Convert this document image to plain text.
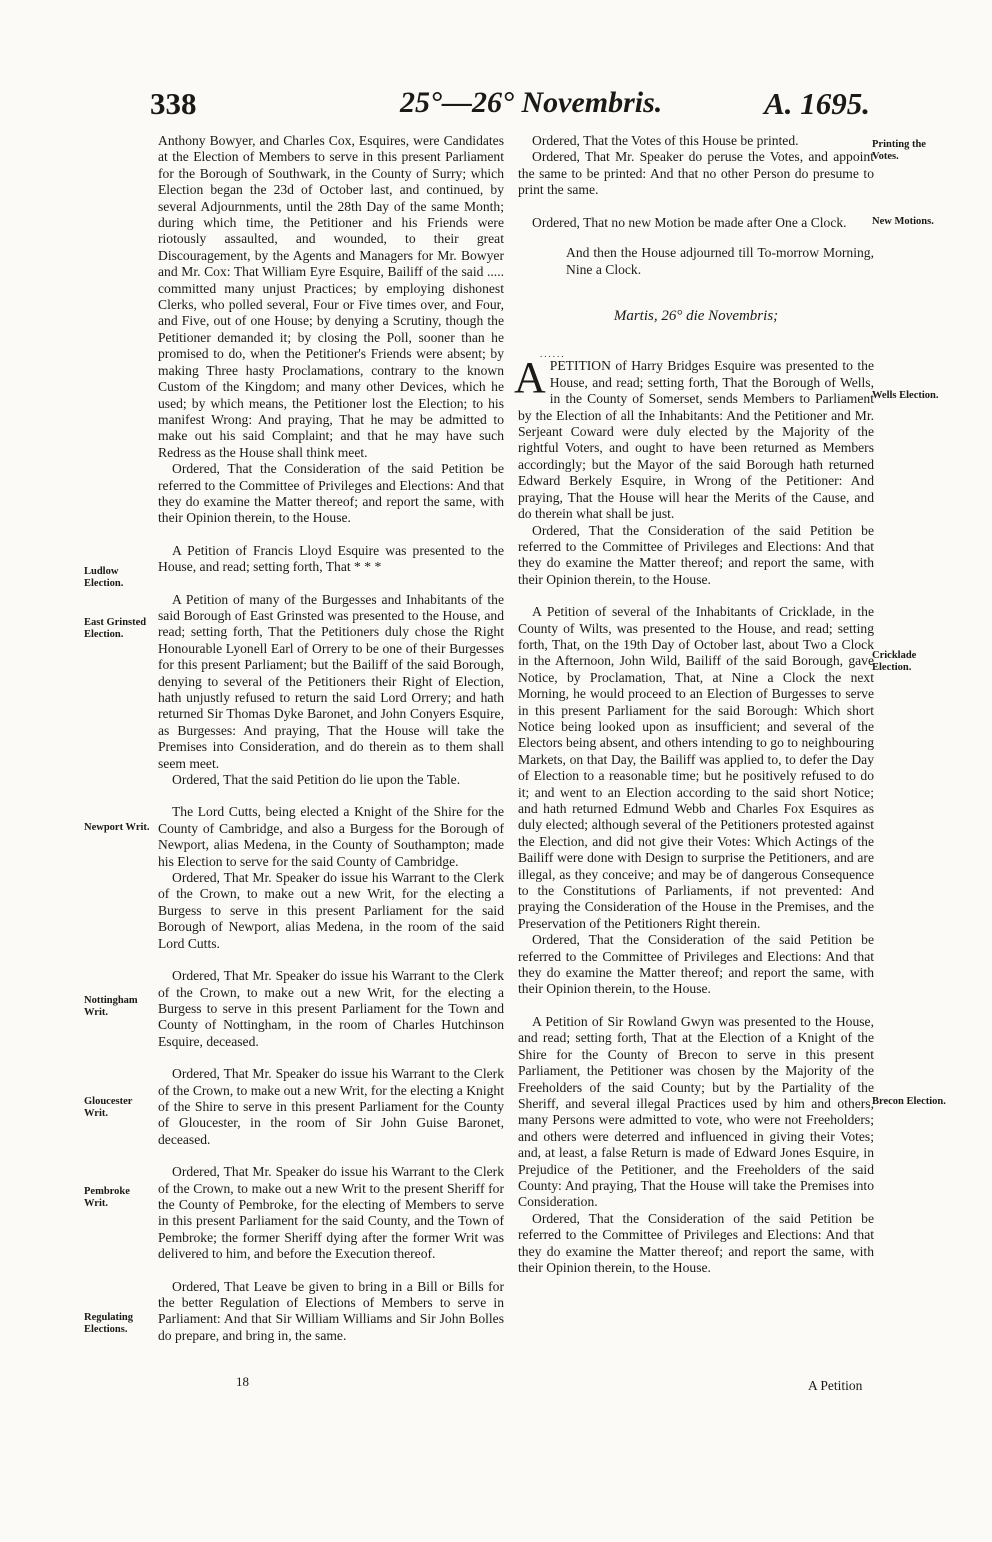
338	25°—26° Novembris.	A. 1695.
Ludlow Election.
East Grinsted Election.
Newport Writ.
Nottingham Writ.
Gloucester Writ.
Pembroke Writ.
Regulating Elections.
Printing the Votes.
New Motions.
Wells Election.
Cricklade Election.
Brecon Election.

Anthony Bowyer, and Charles Cox, Esquires, were Candidates at the Election of Members to serve in this present Parliament for the Borough of Southwark, in the County of Surry; which Election began the 23d of October last, and continued, by several Adjournments, until the 28th Day of the same Month; during which time, the Petitioner and his Friends were riotously assaulted, and wounded, to their great Discouragement, by the Agents and Managers for Mr. Bowyer and Mr. Cox: That William Eyre Esquire, Bailiff of the said ..... committed many unjust Practices; by employing dishonest Clerks, who polled several, Four or Five times over, and Four, and Five, out of one House; by denying a Scrutiny, though the Petitioner demanded it; by closing the Poll, sooner than he promised to do, when the Petitioner's Friends were absent; by making Three hasty Proclamations, contrary to the known Custom of the Kingdom; and many other Devices, which he used; by which means, the Petitioner lost the Election; to his manifest Wrong: And praying, That he may be admitted to make out his said Complaint; and that he may have such Redress as the House shall think meet.

Ordered, That the Consideration of the said Petition be referred to the Committee of Privileges and Elections: And that they do examine the Matter thereof; and report the same, with their Opinion therein, to the House.

A Petition of Francis Lloyd Esquire was presented to the House, and read; setting forth, That * * *

A Petition of many of the Burgesses and Inhabitants of the said Borough of East Grinsted was presented to the House, and read; setting forth, That the Petitioners duly chose the Right Honourable Lyonell Earl of Orrery to be one of their Burgesses for this present Parliament; but the Bailiff of the said Borough, denying to several of the Petitioners their Right of Election, hath unjustly refused to return the said Lord Orrery; and hath returned Sir Thomas Dyke Baronet, and John Conyers Esquire, as Burgesses: And praying, That the House will take the Premises into Consideration, and do therein as to them shall seem meet.

Ordered, That the said Petition do lie upon the Table.

The Lord Cutts, being elected a Knight of the Shire for the County of Cambridge, and also a Burgess for the Borough of Newport, alias Medena, in the County of Southampton; made his Election to serve for the said County of Cambridge.

Ordered, That Mr. Speaker do issue his Warrant to the Clerk of the Crown, to make out a new Writ, for the electing a Burgess to serve in this present Parliament for the said Borough of Newport, alias Medena, in the room of the said Lord Cutts.

Ordered, That Mr. Speaker do issue his Warrant to the Clerk of the Crown, to make out a new Writ, for the electing a Burgess to serve in this present Parliament for the Town and County of Nottingham, in the room of Charles Hutchinson Esquire, deceased.

Ordered, That Mr. Speaker do issue his Warrant to the Clerk of the Crown, to make out a new Writ, for the electing a Knight of the Shire to serve in this present Parliament for the County of Gloucester, in the room of Sir John Guise Baronet, deceased.

Ordered, That Mr. Speaker do issue his Warrant to the Clerk of the Crown, to make out a new Writ to the present Sheriff for the County of Pembroke, for the electing of Members to serve in this present Parliament for the said County, and the Town of Pembroke; the former Sheriff dying after the former Writ was delivered to him, and before the Execution thereof.

Ordered, That Leave be given to bring in a Bill or Bills for the better Regulation of Elections of Members to serve in Parliament: And that Sir William Williams and Sir John Bolles do prepare, and bring in, the same.

Ordered, That the Votes of this House be printed.

Ordered, That Mr. Speaker do peruse the Votes, and appoint the same to be printed: And that no other Person do presume to print the same.

Ordered, That no new Motion be made after One a Clock.

And then the House adjourned till To-morrow Morning, Nine a Clock.

Martis, 26° die Novembris;

......

APETITION of Harry Bridges Esquire was presented to the House, and read; setting forth, That the Borough of Wells, in the County of Somerset, sends Members to Parliament by the Election of all the Inhabitants: And the Petitioner and Mr. Serjeant Coward were duly elected by the Majority of the rightful Voters, and ought to have been returned as Members accordingly; but the Mayor of the said Borough hath returned Edward Berkely Esquire, in Wrong of the Petitioner: And praying, That the House will hear the Merits of the Cause, and do therein what shall be just.

Ordered, That the Consideration of the said Petition be referred to the Committee of Privileges and Elections: And that they do examine the Matter thereof; and report the same, with their Opinion therein, to the House.

A Petition of several of the Inhabitants of Cricklade, in the County of Wilts, was presented to the House, and read; setting forth, That, on the 19th Day of October last, about Two a Clock in the Afternoon, John Wild, Bailiff of the said Borough, gave Notice, by Proclamation, That, at Nine a Clock the next Morning, he would proceed to an Election of Burgesses to serve in this present Parliament for the said Borough: Which short Notice being looked upon as insufficient; and several of the Electors being absent, and others intending to go to neighbouring Markets, on that Day, the Bailiff was applied to, to defer the Day of Election to a reasonable time; but he positively refused to do it; and went to an Election according to the said short Notice; and hath returned Edmund Webb and Charles Fox Esquires as duly elected; although several of the Petitioners protested against the Election, and did not give their Votes: Which Actings of the Bailiff were done with Design to surprise the Petitioners, and are illegal, as they conceive; and may be of dangerous Consequence to the Constitutions of Parliaments, if not prevented: And praying the Consideration of the House in the Premises, and the Preservation of the Petitioners Right therein.

Ordered, That the Consideration of the said Petition be referred to the Committee of Privileges and Elections: And that they do examine the Matter thereof; and report the same, with their Opinion therein, to the House.

A Petition of Sir Rowland Gwyn was presented to the House, and read; setting forth, That at the Election of a Knight of the Shire for the County of Brecon to serve in this present Parliament, the Petitioner was chosen by the Majority of the Freeholders of the said County; but by the Partiality of the Sheriff, and several illegal Practices used by him and others, many Persons were admitted to vote, who were not Freeholders; and others were deterred and influenced in giving their Votes; and, at least, a false Return is made of Edward Jones Esquire, in Prejudice of the Petitioner, and the Freeholders of the said County: And praying, That the House will take the Premises into Consideration.

Ordered, That the Consideration of the said Petition be referred to the Committee of Privileges and Elections: And that they do examine the Matter thereof; and report the same, with their Opinion therein, to the House.

18	A Petition
